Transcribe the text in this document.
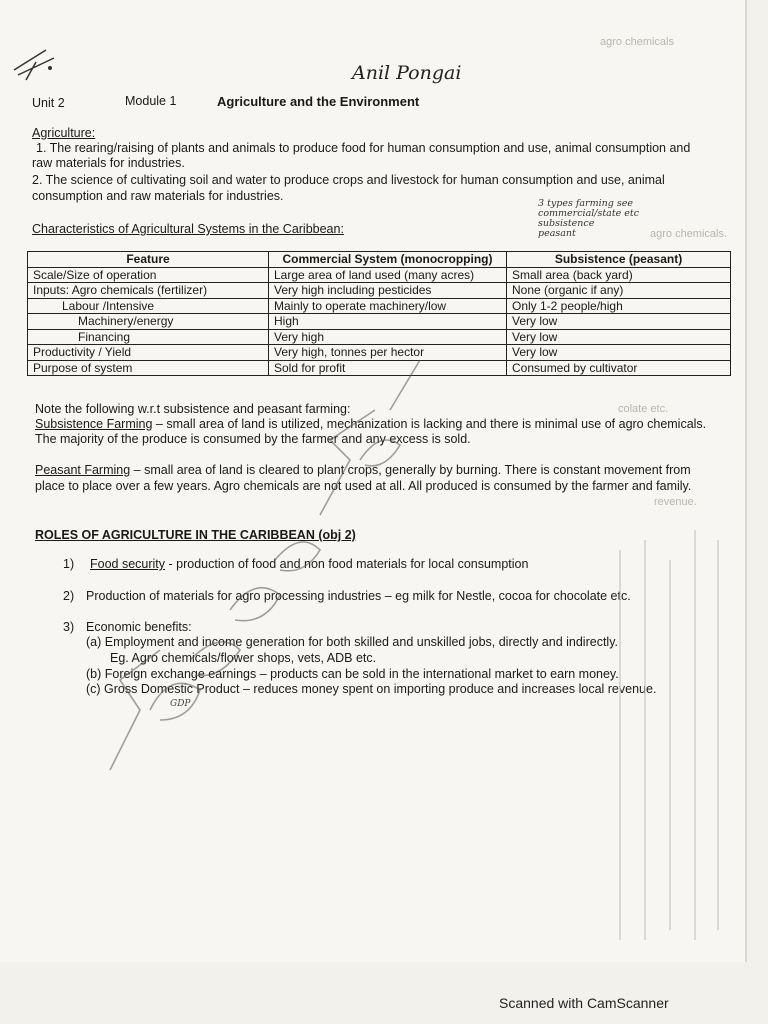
Unit 2	Module 1	Agriculture and the Environment
Anil Pongai
agro chemicals
Agriculture:
1. The rearing/raising of plants and animals to produce food for human consumption and use, animal consumption and
raw materials for industries.
2. The science of cultivating soil and water to produce crops and livestock for human consumption and use, animal
consumption and raw materials for industries.
3 types farming see
commercial/state etc
subsistence
peasant	agro chemicals.
Characteristics of Agricultural Systems in the Caribbean:
Feature	Commercial System (monocropping)	Subsistence (peasant)
Scale/Size of operation	Large area of land used (many acres)	Small area (back yard)
Inputs: Agro chemicals (fertilizer)	Very high including pesticides	None (organic if any)
Labour /Intensive	Mainly to operate machinery/low	Only 1-2 people/high
Machinery/energy	High	Very low
Financing	Very high	Very low
Productivity / Yield	Very high, tonnes per hector	Very low
Purpose of system	Sold for profit	Consumed by cultivator
Note the following w.r.t subsistence and peasant farming:	colate etc.
Subsistence Farming – small area of land is utilized, mechanization is lacking and there is minimal use of agro chemicals.
The majority of the produce is consumed by the farmer and any excess is sold.
Peasant Farming – small area of land is cleared to plant crops, generally by burning. There is constant movement from
place to place over a few years. Agro chemicals are not used at all. All produced is consumed by the farmer and family.
revenue.
ROLES OF AGRICULTURE IN THE CARIBBEAN (obj 2)
1) Food security - production of food and non food materials for local consumption
2) Production of materials for agro processing industries – eg milk for Nestle, cocoa for chocolate etc.
3) Economic benefits:
(a) Employment and income generation for both skilled and unskilled jobs, directly and indirectly.
Eg. Agro chemicals/flower shops, vets, ADB etc.
(b) Foreign exchange earnings – products can be sold in the international market to earn money.
(c) Gross Domestic Product – reduces money spent on importing produce and increases local revenue.
GDP
Scanned with CamScanner
